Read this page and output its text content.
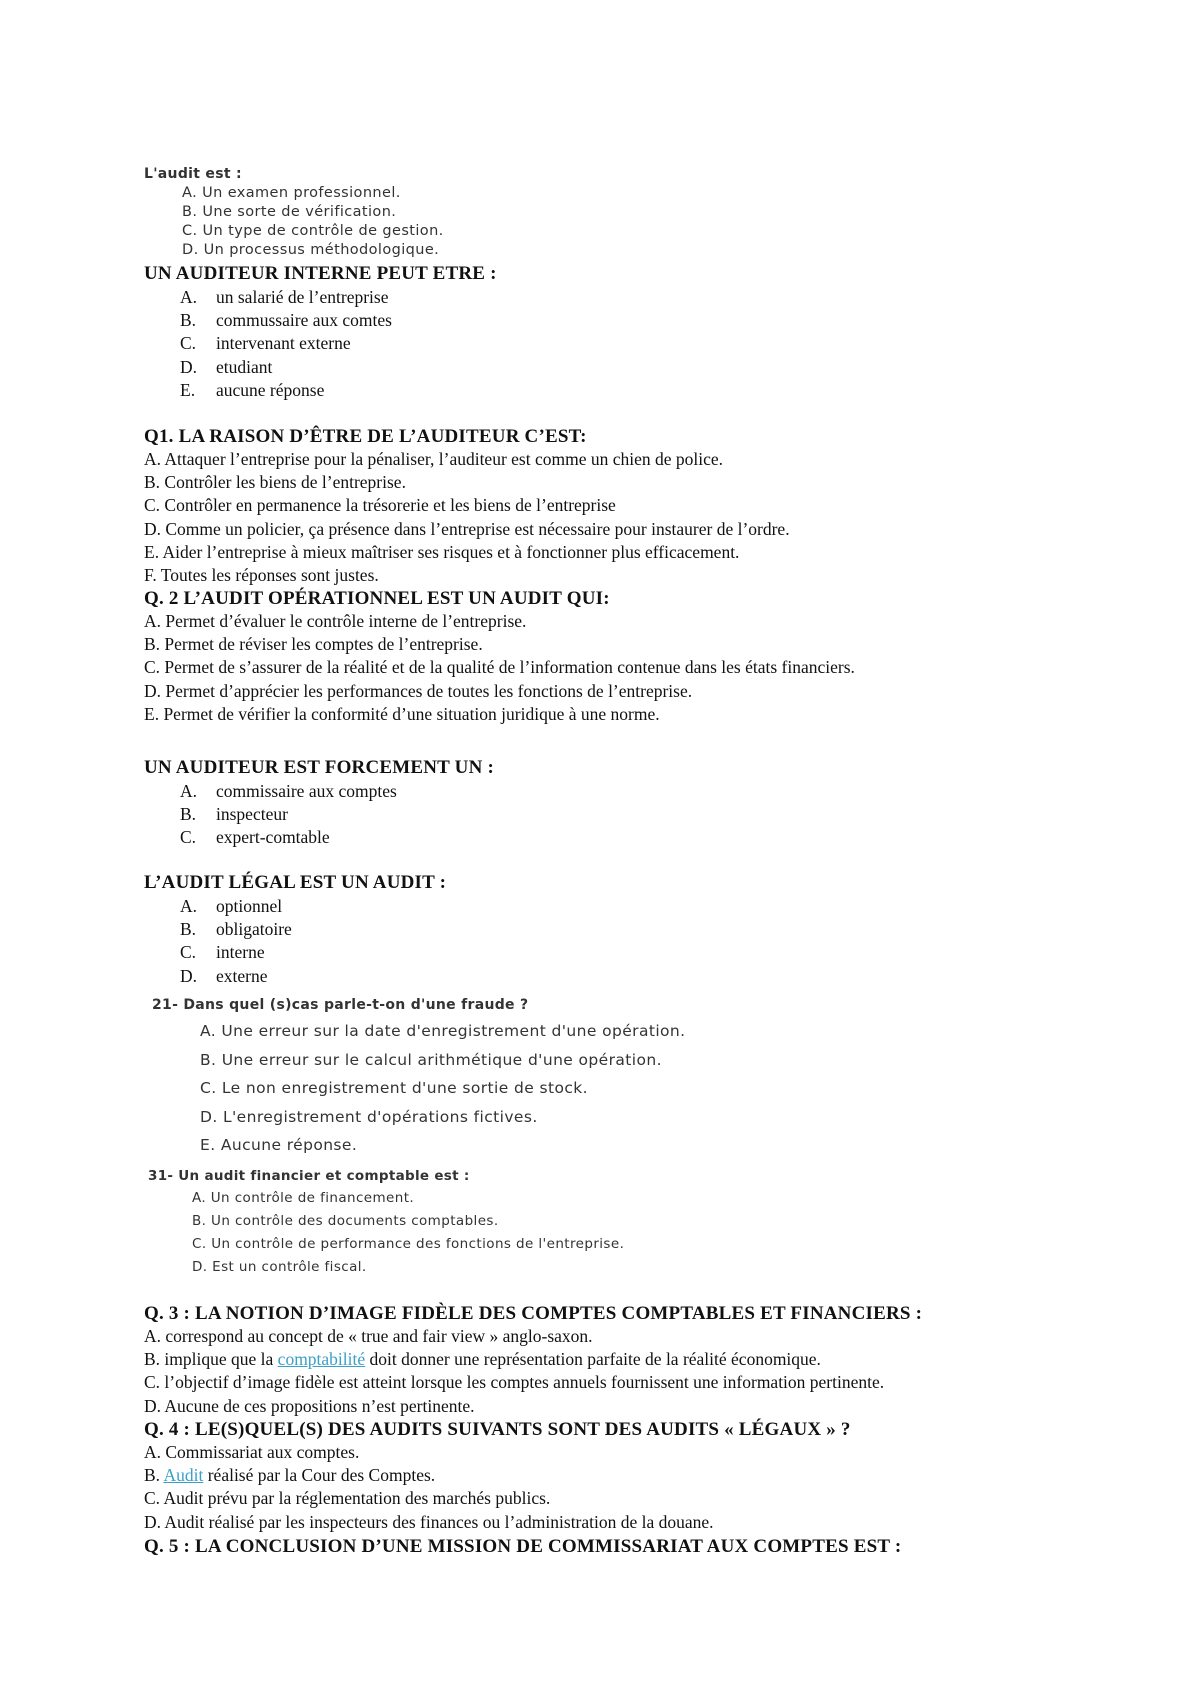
L'audit est :

A. Un examen professionnel.

B. Une sorte de vérification.

C. Un type de contrôle de gestion.

D. Un processus méthodologique.

UN AUDITEUR INTERNE PEUT ETRE :

A.	un salarié de l’entreprise
B.	commussaire aux comtes
C.	intervenant externe
D.	etudiant
E.	aucune réponse

Q1. LA RAISON D’ÊTRE DE L’AUDITEUR C’EST:

A. Attaquer l’entreprise pour la pénaliser, l’auditeur est comme un chien de police.

B. Contrôler les biens de l’entreprise.

C. Contrôler en permanence la trésorerie et les biens de l’entreprise

D. Comme un policier, ça présence dans l’entreprise est nécessaire pour instaurer de l’ordre.

E. Aider l’entreprise à mieux maîtriser ses risques et à fonctionner plus efficacement.

F. Toutes les réponses sont justes.

Q. 2 L’AUDIT OPÉRATIONNEL EST UN AUDIT QUI:

A. Permet d’évaluer le contrôle interne de l’entreprise.

B. Permet de réviser les comptes de l’entreprise.

C. Permet de s’assurer de la réalité et de la qualité de l’information contenue dans les états financiers.

D. Permet d’apprécier les performances de toutes les fonctions de l’entreprise.

E. Permet de vérifier la conformité d’une situation juridique à une norme.

UN AUDITEUR EST FORCEMENT UN :

A.	commissaire aux comptes
B.	inspecteur
C.	expert-comtable

L’AUDIT LÉGAL EST UN AUDIT :

A.	optionnel
B.	obligatoire
C.	interne
D.	externe

21- Dans quel (s)cas parle-t-on d'une fraude ?

A. Une erreur sur la date d'enregistrement d'une opération.

B. Une erreur sur le calcul arithmétique d'une opération.

C. Le non enregistrement d'une sortie de stock.

D. L'enregistrement d'opérations fictives.

E. Aucune réponse.

31- Un audit financier et comptable est :

A. Un contrôle de financement.

B. Un contrôle des documents comptables.

C. Un contrôle de performance des fonctions de l'entreprise.

D. Est un contrôle fiscal.

Q. 3 : LA NOTION D’IMAGE FIDÈLE DES COMPTES COMPTABLES ET FINANCIERS :

A. correspond au concept de « true and fair view » anglo-saxon.

B. implique que la comptabilité doit donner une représentation parfaite de la réalité économique.

C. l’objectif d’image fidèle est atteint lorsque les comptes annuels fournissent une information pertinente.

D. Aucune de ces propositions n’est pertinente.

Q. 4 : LE(S)QUEL(S) DES AUDITS SUIVANTS SONT DES AUDITS « LÉGAUX » ?

A. Commissariat aux comptes.

B. Audit réalisé par la Cour des Comptes.

C. Audit prévu par la réglementation des marchés publics.

D. Audit réalisé par les inspecteurs des finances ou l’administration de la douane.

Q. 5 : LA CONCLUSION D’UNE MISSION DE COMMISSARIAT AUX COMPTES EST :
